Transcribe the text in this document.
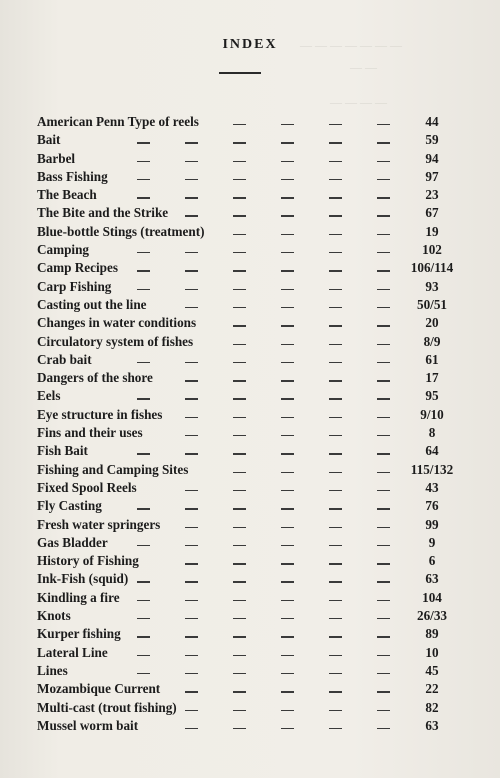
— — — — — — —
— —
— — — —
INDEX
American Penn Type of reels	44
Bait	59
Barbel	94
Bass Fishing	97
The Beach	23
The Bite and the Strike	67
Blue-bottle Stings (treatment)	19
Camping	102
Camp Recipes	106/114
Carp Fishing	93
Casting out the line	50/51
Changes in water conditions	20
Circulatory system of fishes	8/9
Crab bait	61
Dangers of the shore	17
Eels	95
Eye structure in fishes	9/10
Fins and their uses	8
Fish Bait	64
Fishing and Camping Sites	115/132
Fixed Spool Reels	43
Fly Casting	76
Fresh water springers	99
Gas Bladder	9
History of Fishing	6
Ink-Fish (squid)	63
Kindling a fire	104
Knots	26/33
Kurper fishing	89
Lateral Line	10
Lines	45
Mozambique Current	22
Multi-cast (trout fishing)	82
Mussel worm bait	63
